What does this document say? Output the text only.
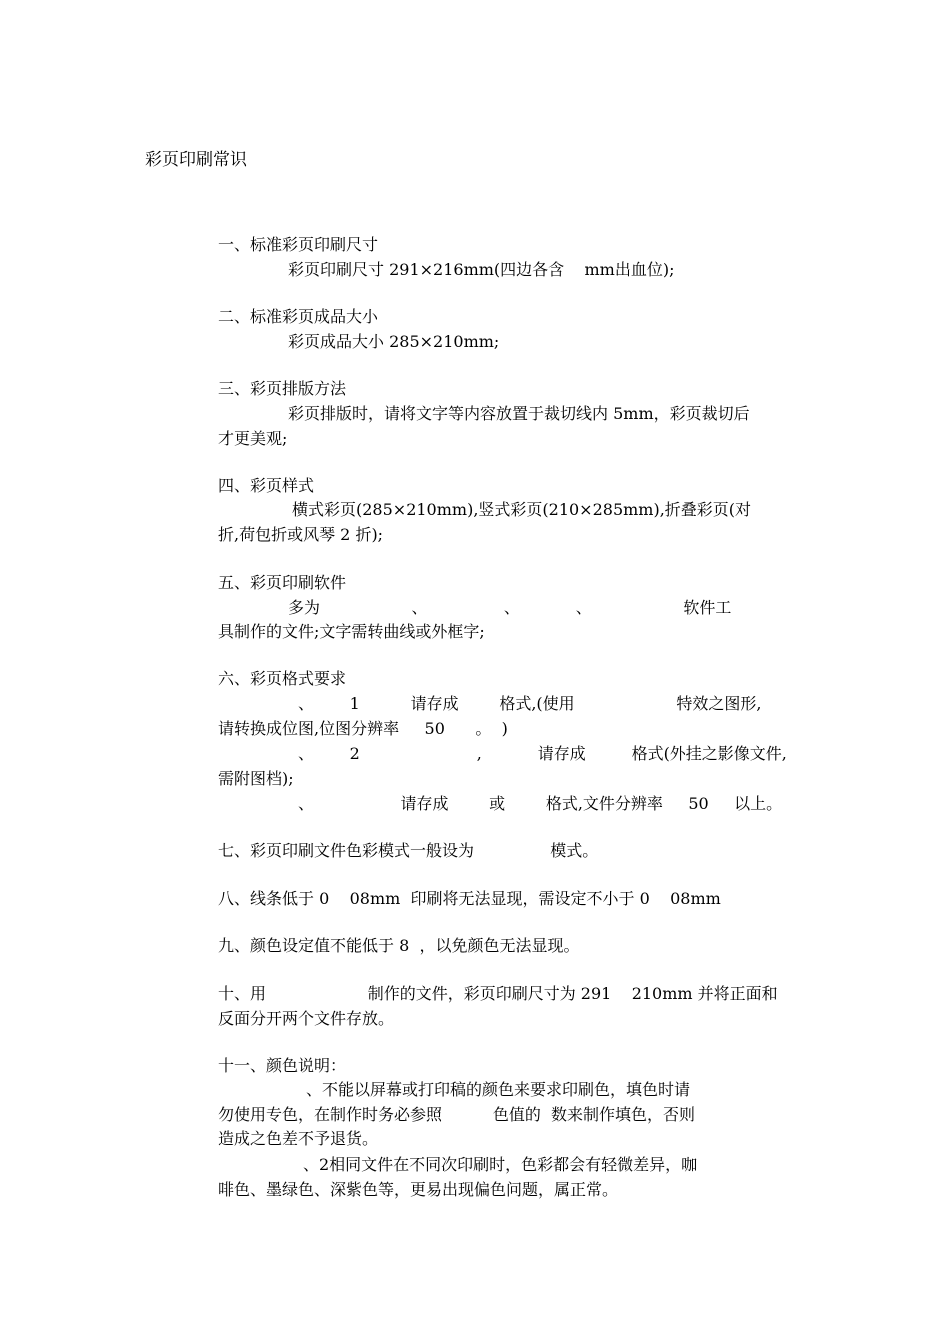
彩页印刷常识
一、标准彩页印刷尺寸
彩页印刷尺寸 291×216mm(四边各含    mm出血位);
二、标准彩页成品大小
彩页成品大小 285×210mm;
三、彩页排版方法
彩页排版时，请将文字等内容放置于裁切线内 5mm，彩页裁切后
才更美观;
四、彩页样式
横式彩页(285×210mm),竖式彩页(210×285mm),折叠彩页(对
折,荷包折或风琴 2 折);
五、彩页印刷软件
多为                  、               、           、                  软件工
具制作的文件;文字需转曲线或外框字;
六、彩页格式要求
、       1          请存成        格式,(使用                    特效之图形,
请转换成位图,位图分辨率     50      。  )
、       2                       ,           请存成         格式(外挂之影像文件,
需附图档);
、                 请存成        或        格式,文件分辨率     50     以上。
七、彩页印刷文件色彩模式一般设为               模式。
八、线条低于 0    08mm  印刷将无法显现，需设定不小于 0    08mm
九、颜色设定值不能低于 8  ，以免颜色无法显现。
十、用                    制作的文件，彩页印刷尺寸为 291    210mm 并将正面和
反面分开两个文件存放。
十一、颜色说明：
、不能以屏幕或打印稿的颜色来要求印刷色，填色时请
勿使用专色，在制作时务必参照          色值的  数来制作填色，否则
造成之色差不予退货。
、2相同文件在不同次印刷时，色彩都会有轻微差异，咖
啡色、墨绿色、深紫色等，更易出现偏色问题，属正常。
